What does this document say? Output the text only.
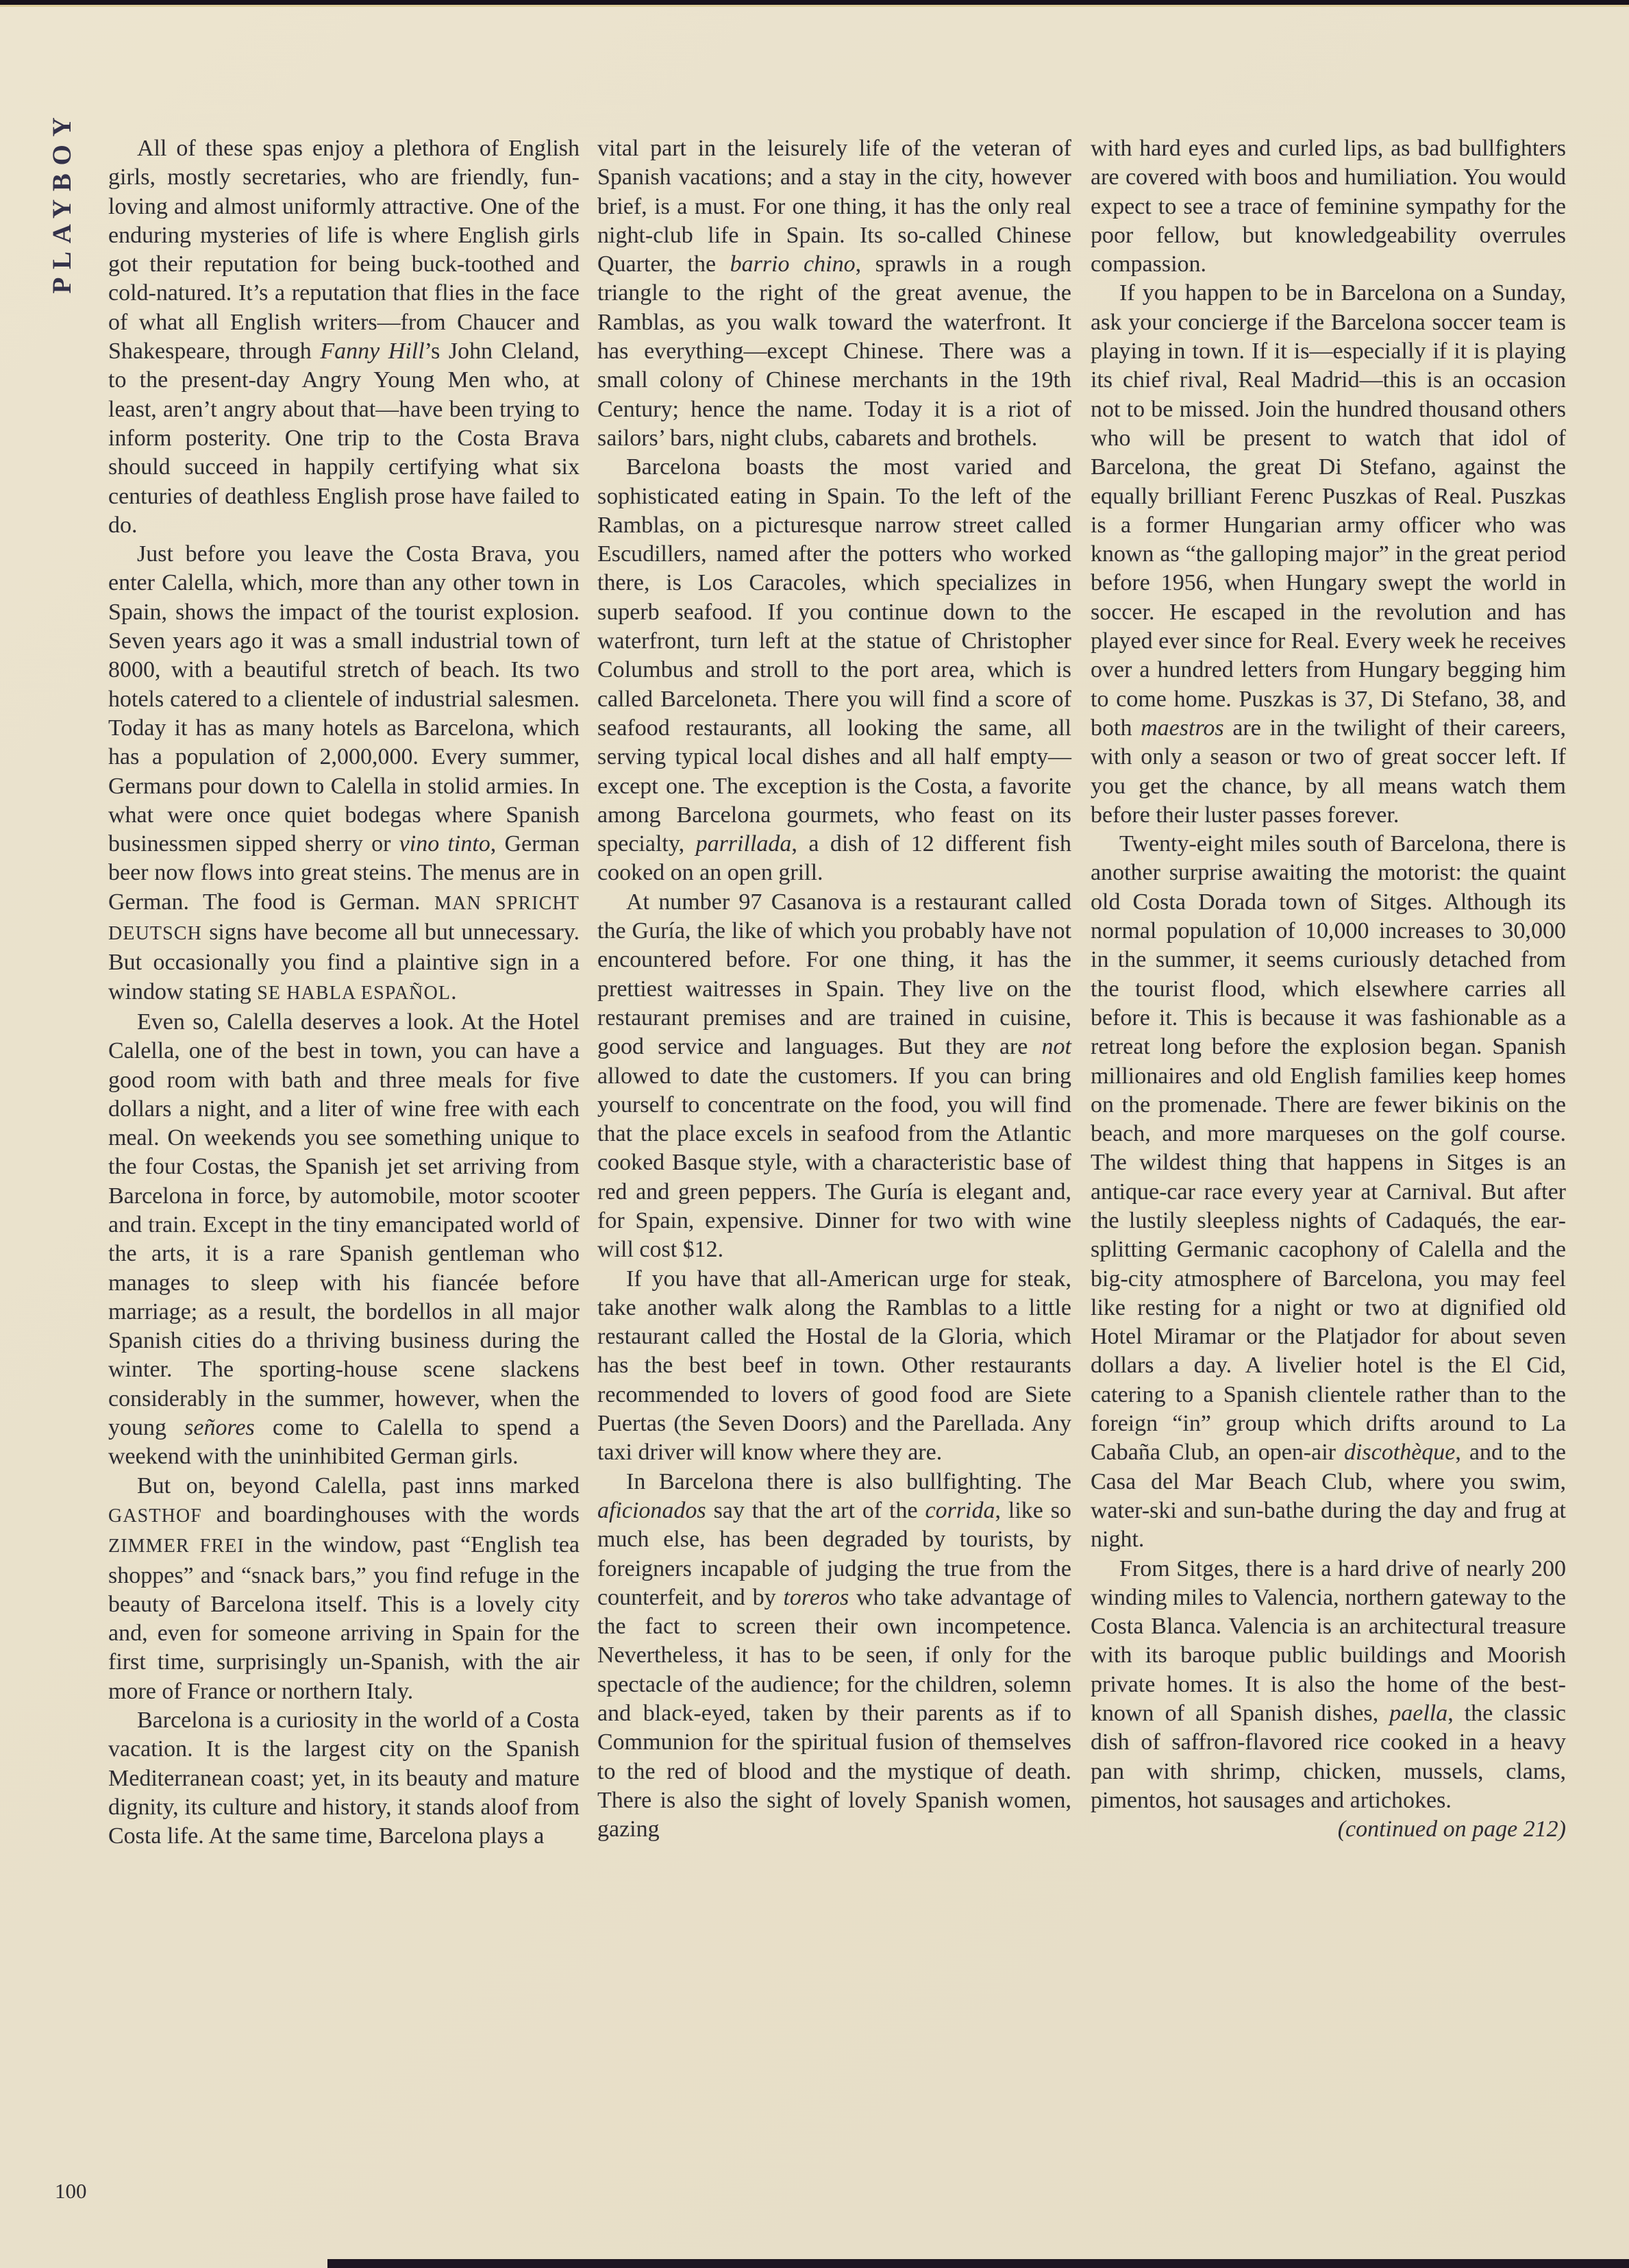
PLAYBOY	All of these spas enjoy a plethora of English girls, mostly secretaries, who are friendly, fun-loving and almost uniformly attractive. One of the enduring mysteries of life is where English girls got their reputation for being buck-toothed and cold-natured. It’s a reputation that flies in the face of what all English writers—from Chaucer and Shakespeare, through Fanny Hill’s John Cleland, to the present-day Angry Young Men who, at least, aren’t angry about that—have been trying to inform posterity. One trip to the Costa Brava should succeed in happily certifying what six centuries of deathless English prose have failed to do.

Just before you leave the Costa Brava, you enter Calella, which, more than any other town in Spain, shows the impact of the tourist explosion. Seven years ago it was a small industrial town of 8000, with a beautiful stretch of beach. Its two hotels catered to a clientele of industrial salesmen. Today it has as many hotels as Barcelona, which has a population of 2,000,000. Every summer, Germans pour down to Calella in stolid armies. In what were once quiet bodegas where Spanish businessmen sipped sherry or vino tinto, German beer now flows into great steins. The menus are in German. The food is German. MAN SPRICHT DEUTSCH signs have become all but unnecessary. But occasionally you find a plaintive sign in a window stating SE HABLA ESPAÑOL.

Even so, Calella deserves a look. At the Hotel Calella, one of the best in town, you can have a good room with bath and three meals for five dollars a night, and a liter of wine free with each meal. On weekends you see something unique to the four Costas, the Spanish jet set arriving from Barcelona in force, by automobile, motor scooter and train. Except in the tiny emancipated world of the arts, it is a rare Spanish gentleman who manages to sleep with his fiancée before marriage; as a result, the bordellos in all major Spanish cities do a thriving business during the winter. The sporting-house scene slackens considerably in the summer, however, when the young señores come to Calella to spend a weekend with the uninhibited German girls.

But on, beyond Calella, past inns marked GASTHOF and boardinghouses with the words ZIMMER FREI in the window, past “English tea shoppes” and “snack bars,” you find refuge in the beauty of Barcelona itself. This is a lovely city and, even for someone arriving in Spain for the first time, surprisingly un-Spanish, with the air more of France or northern Italy.

Barcelona is a curiosity in the world of a Costa vacation. It is the largest city on the Spanish Mediterranean coast; yet, in its beauty and mature dignity, its culture and history, it stands aloof from Costa life. At the same time, Barcelona plays a

vital part in the leisurely life of the veteran of Spanish vacations; and a stay in the city, however brief, is a must. For one thing, it has the only real night-club life in Spain. Its so-called Chinese Quarter, the barrio chino, sprawls in a rough triangle to the right of the great avenue, the Ramblas, as you walk toward the waterfront. It has everything—except Chinese. There was a small colony of Chinese merchants in the 19th Century; hence the name. Today it is a riot of sailors’ bars, night clubs, cabarets and brothels.

Barcelona boasts the most varied and sophisticated eating in Spain. To the left of the Ramblas, on a picturesque narrow street called Escudillers, named after the potters who worked there, is Los Caracoles, which specializes in superb seafood. If you continue down to the waterfront, turn left at the statue of Christopher Columbus and stroll to the port area, which is called Barceloneta. There you will find a score of seafood restaurants, all looking the same, all serving typical local dishes and all half empty—except one. The exception is the Costa, a favorite among Barcelona gourmets, who feast on its specialty, parrillada, a dish of 12 different fish cooked on an open grill.

At number 97 Casanova is a restaurant called the Guría, the like of which you probably have not encountered before. For one thing, it has the prettiest waitresses in Spain. They live on the restaurant premises and are trained in cuisine, good service and languages. But they are not allowed to date the customers. If you can bring yourself to concentrate on the food, you will find that the place excels in seafood from the Atlantic cooked Basque style, with a characteristic base of red and green peppers. The Guría is elegant and, for Spain, expensive. Dinner for two with wine will cost $12.

If you have that all-American urge for steak, take another walk along the Ramblas to a little restaurant called the Hostal de la Gloria, which has the best beef in town. Other restaurants recommended to lovers of good food are Siete Puertas (the Seven Doors) and the Parellada. Any taxi driver will know where they are.

In Barcelona there is also bullfighting. The aficionados say that the art of the corrida, like so much else, has been degraded by tourists, by foreigners incapable of judging the true from the counterfeit, and by toreros who take advantage of the fact to screen their own incompetence. Nevertheless, it has to be seen, if only for the spectacle of the audience; for the children, solemn and black-eyed, taken by their parents as if to Communion for the spiritual fusion of themselves to the red of blood and the mystique of death. There is also the sight of lovely Spanish women, gazing

with hard eyes and curled lips, as bad bullfighters are covered with boos and humiliation. You would expect to see a trace of feminine sympathy for the poor fellow, but knowledgeability overrules compassion.

If you happen to be in Barcelona on a Sunday, ask your concierge if the Barcelona soccer team is playing in town. If it is—especially if it is playing its chief rival, Real Madrid—this is an occasion not to be missed. Join the hundred thousand others who will be present to watch that idol of Barcelona, the great Di Stefano, against the equally brilliant Ferenc Puszkas of Real. Puszkas is a former Hungarian army officer who was known as “the galloping major” in the great period before 1956, when Hungary swept the world in soccer. He escaped in the revolution and has played ever since for Real. Every week he receives over a hundred letters from Hungary begging him to come home. Puszkas is 37, Di Stefano, 38, and both maestros are in the twilight of their careers, with only a season or two of great soccer left. If you get the chance, by all means watch them before their luster passes forever.

Twenty-eight miles south of Barcelona, there is another surprise awaiting the motorist: the quaint old Costa Dorada town of Sitges. Although its normal population of 10,000 increases to 30,000 in the summer, it seems curiously detached from the tourist flood, which elsewhere carries all before it. This is because it was fashionable as a retreat long before the explosion began. Spanish millionaires and old English families keep homes on the promenade. There are fewer bikinis on the beach, and more marqueses on the golf course. The wildest thing that happens in Sitges is an antique-car race every year at Carnival. But after the lustily sleepless nights of Cadaqués, the ear-splitting Germanic cacophony of Calella and the big-city atmosphere of Barcelona, you may feel like resting for a night or two at dignified old Hotel Miramar or the Platjador for about seven dollars a day. A livelier hotel is the El Cid, catering to a Spanish clientele rather than to the foreign “in” group which drifts around to La Cabaña Club, an open-air discothèque, and to the Casa del Mar Beach Club, where you swim, water-ski and sun-bathe during the day and frug at night.

From Sitges, there is a hard drive of nearly 200 winding miles to Valencia, northern gateway to the Costa Blanca. Valencia is an architectural treasure with its baroque public buildings and Moorish private homes. It is also the home of the best-known of all Spanish dishes, paella, the classic dish of saffron-flavored rice cooked in a heavy pan with shrimp, chicken, mussels, clams, pimentos, hot sausages and artichokes.

(continued on page 212)

100
